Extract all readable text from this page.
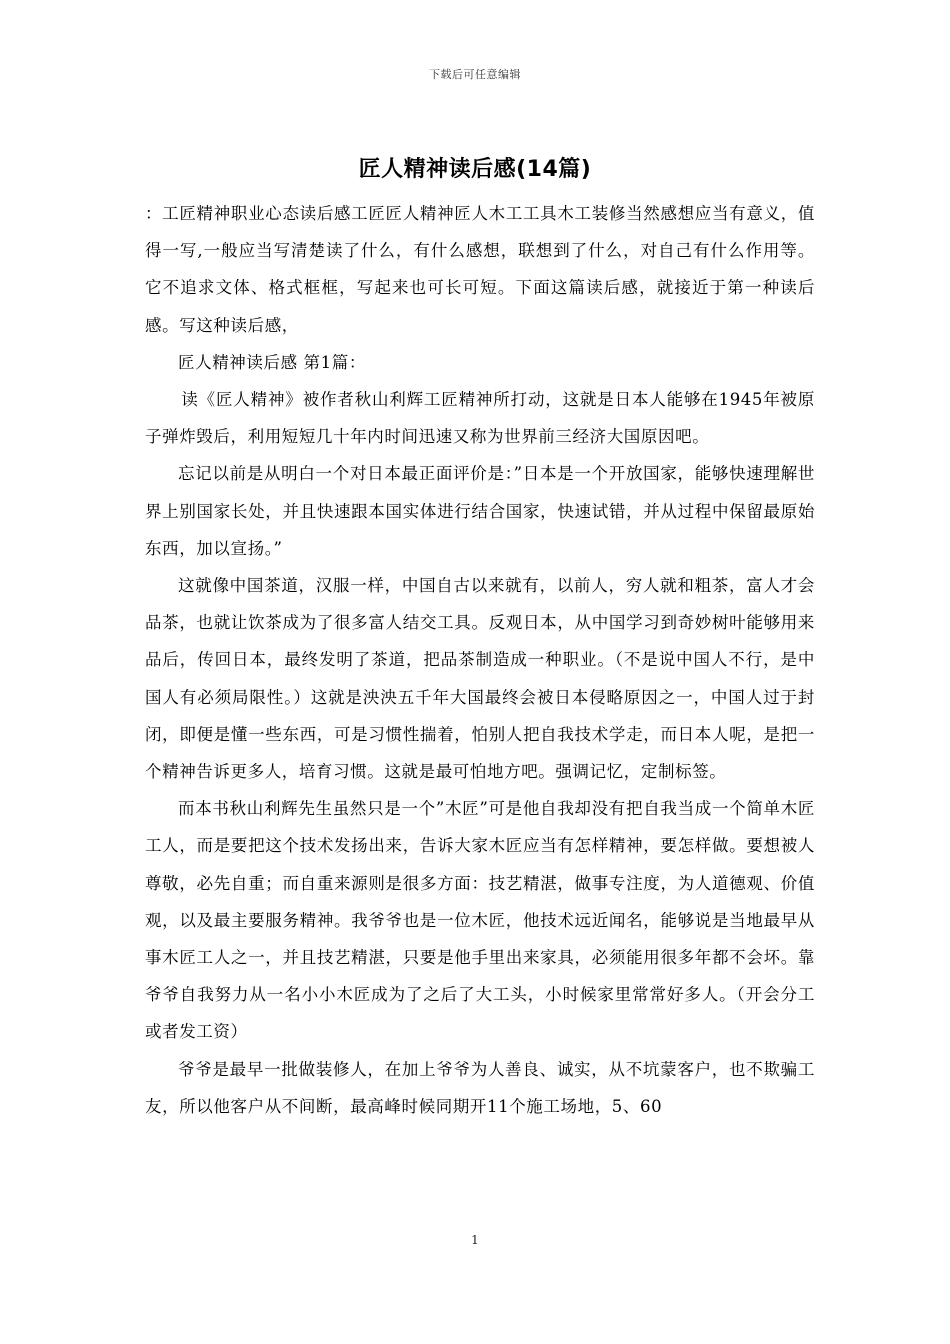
下载后可任意编辑
匠人精神读后感(14篇)

：工匠精神职业心态读后感工匠匠人精神匠人木工工具木工装修当然感想应当有意义，值得一写,一般应当写清楚读了什么，有什么感想，联想到了什么，对自己有什么作用等。它不追求文体、格式框框，写起来也可长可短。下面这篇读后感，就接近于第一种读后感。写这种读后感，

匠人精神读后感 第1篇：

读《匠人精神》被作者秋山利辉工匠精神所打动，这就是日本人能够在1945年被原子弹炸毁后，利用短短几十年内时间迅速又称为世界前三经济大国原因吧。

忘记以前是从明白一个对日本最正面评价是：”日本是一个开放国家，能够快速理解世界上别国家长处，并且快速跟本国实体进行结合国家，快速试错，并从过程中保留最原始东西，加以宣扬。”

这就像中国茶道，汉服一样，中国自古以来就有，以前人，穷人就和粗茶，富人才会品茶，也就让饮茶成为了很多富人结交工具。反观日本，从中国学习到奇妙树叶能够用来品后，传回日本，最终发明了茶道，把品茶制造成一种职业。（不是说中国人不行，是中国人有必须局限性。）这就是泱泱五千年大国最终会被日本侵略原因之一，中国人过于封闭，即便是懂一些东西，可是习惯性揣着，怕别人把自我技术学走，而日本人呢，是把一个精神告诉更多人，培育习惯。这就是最可怕地方吧。强调记忆，定制标签。

而本书秋山利辉先生虽然只是一个”木匠”可是他自我却没有把自我当成一个简单木匠工人，而是要把这个技术发扬出来，告诉大家木匠应当有怎样精神，要怎样做。要想被人尊敬，必先自重；而自重来源则是很多方面：技艺精湛，做事专注度，为人道德观、价值观，以及最主要服务精神。我爷爷也是一位木匠，他技术远近闻名，能够说是当地最早从事木匠工人之一，并且技艺精湛，只要是他手里出来家具，必须能用很多年都不会坏。靠爷爷自我努力从一名小小木匠成为了之后了大工头，小时候家里常常好多人。（开会分工或者发工资）

爷爷是最早一批做装修人，在加上爷爷为人善良、诚实，从不坑蒙客户，也不欺骗工友，所以他客户从不间断，最高峰时候同期开11个施工场地，5、60

1
